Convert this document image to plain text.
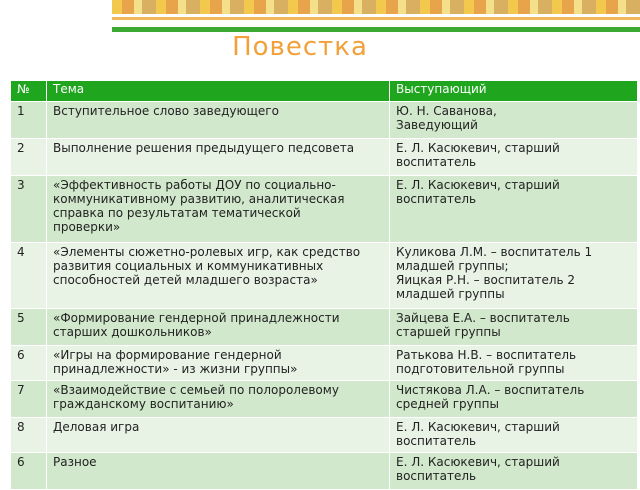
Повестка
№	Тема	Выступающий
1	Вступительное слово заведующего	Ю. Н. Саванова,
Заведующий

2	Выполнение решения предыдущего педсовета	Е. Л. Касюкевич, старший
воспитатель

3	«Эффективность работы ДОУ по социально-
коммуникативному развитию, аналитическая
справка по результатам тематической
проверки»	Е. Л. Касюкевич, старший
воспитатель

4	«Элементы сюжетно-ролевых игр, как средство
развития социальных и коммуникативных
способностей детей младшего возраста»	Куликова Л.М. – воспитатель 1
младшей группы;
Яицкая Р.Н. – воспитатель 2
младшей группы

5	«Формирование гендерной принадлежности
старших дошкольников»	Зайцева Е.А. – воспитатель
старшей группы

6	«Игры на формирование гендерной
принадлежности» - из жизни группы»	Ратькова Н.В. – воспитатель
подготовительной группы

7	«Взаимодействие с семьей по полоролевому
гражданскому воспитанию»	Чистякова Л.А. – воспитатель
средней группы

8	Деловая игра	Е. Л. Касюкевич, старший
воспитатель

6	Разное	Е. Л. Касюкевич, старший
воспитатель
